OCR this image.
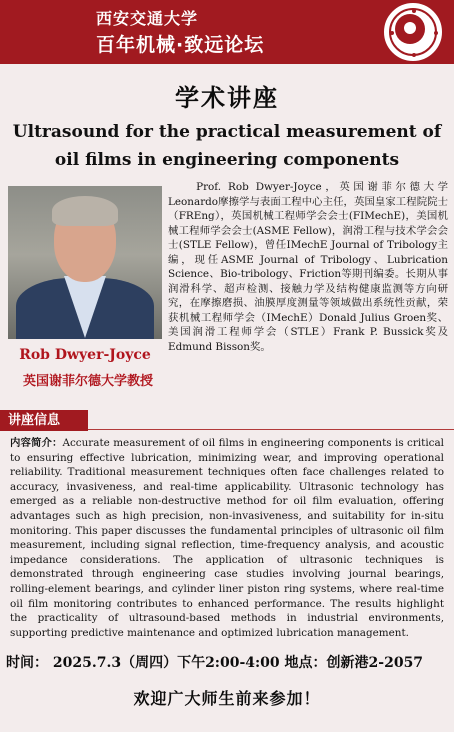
西安交通大学
百年机械·致远论坛
学术讲座
Ultrasound for the practical measurement of oil films in engineering components
Rob Dwyer-Joyce
英国谢菲尔德大学教授
Prof. Rob Dwyer-Joyce，英国谢菲尔德大学Leonardo摩擦学与表面工程中心主任，英国皇家工程院院士（FREng），英国机械工程师学会会士(FIMechE)，美国机械工程师学会会士(ASME Fellow)，润滑工程与技术学会会士(STLE Fellow)，曾任IMechE Journal of Tribology主编，现任ASME Journal of Tribology、Lubrication Science、Bio-tribology、Friction等期刊编委。长期从事润滑科学、超声检测、接触力学及结构健康监测等方向研究，在摩擦磨损、油膜厚度测量等领域做出系统性贡献，荣获机械工程师学会（IMechE）Donald Julius Groen奖、美国润滑工程师学会（STLE）Frank P. Bussick奖及Edmund Bisson奖。
讲座信息
内容简介：Accurate measurement of oil films in engineering components is critical to ensuring effective lubrication, minimizing wear, and improving operational reliability. Traditional measurement techniques often face challenges related to accuracy, invasiveness, and real-time applicability. Ultrasonic technology has emerged as a reliable non-destructive method for oil film evaluation, offering advantages such as high precision, non-invasiveness, and suitability for in-situ monitoring. This paper discusses the fundamental principles of ultrasonic oil film measurement, including signal reflection, time-frequency analysis, and acoustic impedance considerations. The application of ultrasonic techniques is demonstrated through engineering case studies involving journal bearings, rolling-element bearings, and cylinder liner piston ring systems, where real-time oil film monitoring contributes to enhanced performance. The results highlight the practicality of ultrasound-based methods in industrial environments, supporting predictive maintenance and optimized lubrication management.
时间： 2025.7.3（周四）下午2:00-4:00 地点：创新港2-2057
欢迎广大师生前来参加！
